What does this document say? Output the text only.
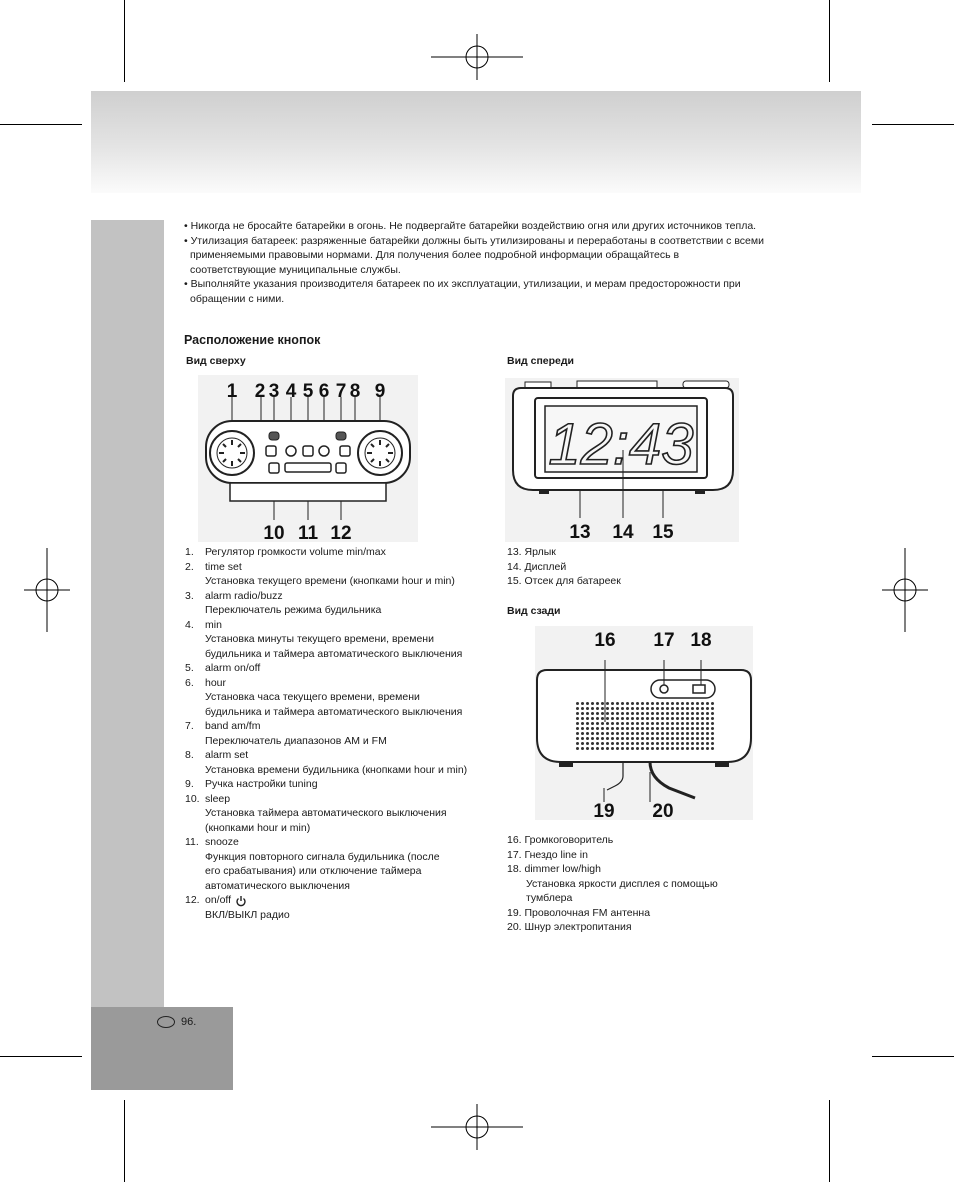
• Никогда не бросайте батарейки в огонь. Не подвергайте батарейки воздействию огня или других источников тепла.

• Утилизация батареек: разряженные батарейки должны быть утилизированы и переработаны в соответствии с всеми применяемыми правовыми нормами. Для получения более подробной информации обращайтесь в соответствующие муниципальные службы.

• Выполняйте указания производителя батареек по их эксплуатации, утилизации, и мерам предосторожности при обращении с ними.

Расположение кнопок
Вид сверху	Вид спереди
Вид сзади
1 2 3 4 5 6 7 8 9
10 11 12
12:43
13 14 15
16 17 18
19 20
1.	Регулятор громкости volume min/max
2.	time set
Установка текущего времени (кнопками hour и min)
3.	alarm radio/buzz
Переключатель режима будильника
4.	min
Установка минуты текущего времени, времени будильника и таймера автоматического выключения
5.	alarm on/off
6.	hour
Установка часа текущего времени, времени будильника и таймера автоматического выключения
7.	band am/fm
Переключатель диапазонов AM и FM
8.	alarm set
Установка времени будильника (кнопками hour и min)
9.	Ручка настройки tuning
10. sleep
Установка таймера автоматического выключения (кнопками hour и min)
11. snooze
Функция повторного сигнала будильника (после его срабатывания) или отключение таймера автоматического выключения
12. on/off
ВКЛ/ВЫКЛ радио
13. Ярлык
14. Дисплей
15. Отсек для батареек
16. Громкоговоритель
17. Гнездо line in
18. dimmer low/high
Установка яркости дисплея с помощью тумблера
19. Проволочная FM антенна
20. Шнур электропитания
96.
